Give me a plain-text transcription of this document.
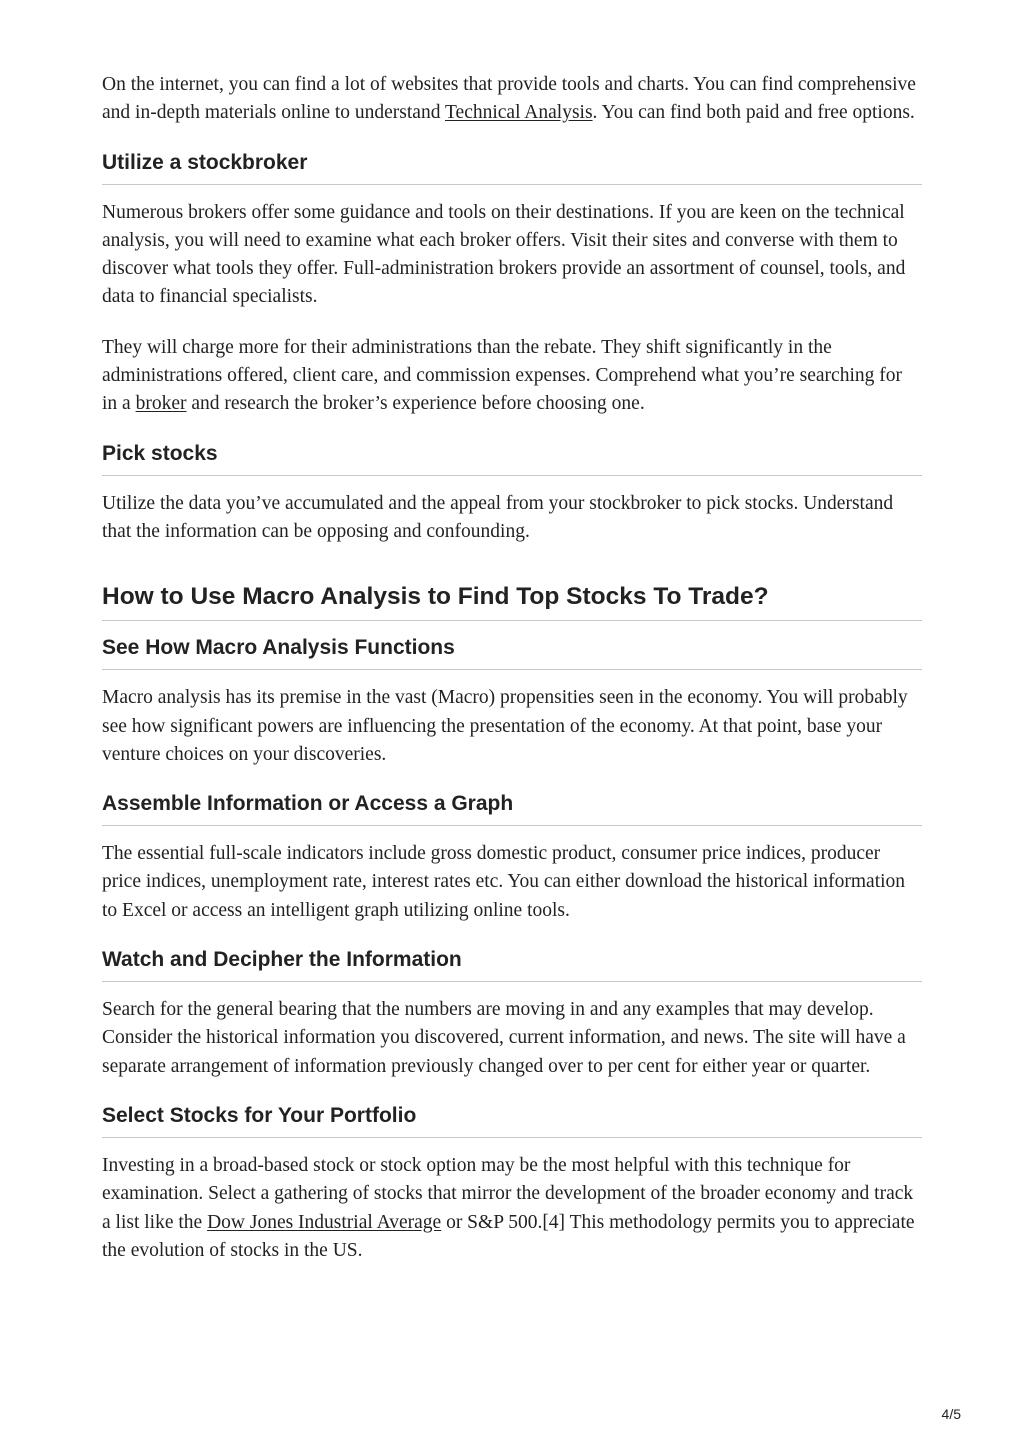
On the internet, you can find a lot of websites that provide tools and charts. You can find comprehensive and in-depth materials online to understand Technical Analysis. You can find both paid and free options.

Utilize a stockbroker

Numerous brokers offer some guidance and tools on their destinations. If you are keen on the technical analysis, you will need to examine what each broker offers. Visit their sites and converse with them to discover what tools they offer. Full-administration brokers provide an assortment of counsel, tools, and data to financial specialists.

They will charge more for their administrations than the rebate. They shift significantly in the administrations offered, client care, and commission expenses. Comprehend what you’re searching for in a broker and research the broker’s experience before choosing one.

Pick stocks

Utilize the data you’ve accumulated and the appeal from your stockbroker to pick stocks. Understand that the information can be opposing and confounding.

How to Use Macro Analysis to Find Top Stocks To Trade?
See How Macro Analysis Functions

Macro analysis has its premise in the vast (Macro) propensities seen in the economy. You will probably see how significant powers are influencing the presentation of the economy. At that point, base your venture choices on your discoveries.

Assemble Information or Access a Graph

The essential full-scale indicators include gross domestic product, consumer price indices, producer price indices, unemployment rate, interest rates etc. You can either download the historical information to Excel or access an intelligent graph utilizing online tools.

Watch and Decipher the Information

Search for the general bearing that the numbers are moving in and any examples that may develop. Consider the historical information you discovered, current information, and news. The site will have a separate arrangement of information previously changed over to per cent for either year or quarter.

Select Stocks for Your Portfolio

Investing in a broad-based stock or stock option may be the most helpful with this technique for examination. Select a gathering of stocks that mirror the development of the broader economy and track a list like the Dow Jones Industrial Average or S&P 500.[4] This methodology permits you to appreciate the evolution of stocks in the US.

4/5
